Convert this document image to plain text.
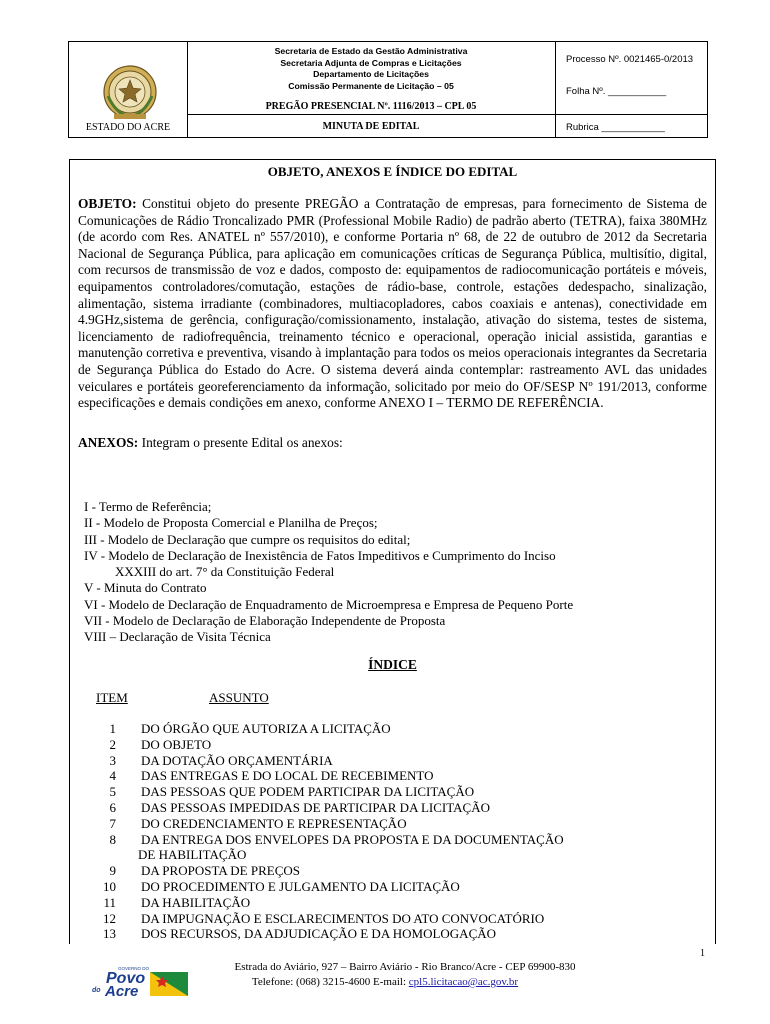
ESTADO DO ACRE
Secretaria de Estado da Gestão Administrativa
Secretaria Adjunta de Compras e Licitações
Departamento de Licitações
Comissão Permanente de Licitação – 05
PREGÃO PRESENCIAL Nº. 1116/2013 – CPL 05
MINUTA DE EDITAL
Processo Nº. 0021465-0/2013
Folha Nº. ___________
Rubrica ____________
OBJETO, ANEXOS E ÍNDICE DO EDITAL

OBJETO: Constitui objeto do presente PREGÃO a Contratação de empresas, para fornecimento de Sistema de Comunicações de Rádio Troncalizado PMR (Professional Mobile Radio) de padrão aberto (TETRA), faixa 380MHz (de acordo com Res. ANATEL nº 557/2010), e conforme Portaria nº 68, de 22 de outubro de 2012 da Secretaria Nacional de Segurança Pública, para aplicação em comunicações críticas de Segurança Pública, multisítio, digital, com recursos de transmissão de voz e dados, composto de: equipamentos de radiocomunicação portáteis e móveis, equipamentos controladores/comutação, estações de rádio-base, controle, estações dedespacho, sinalização, alimentação, sistema irradiante (combinadores, multiacopladores, cabos coaxiais e antenas), conectividade em 4.9GHz,sistema de gerência, configuração/comissionamento, instalação, ativação do sistema, testes de sistema, licenciamento de radiofrequência, treinamento técnico e operacional, operação inicial assistida, garantias e manutenção corretiva e preventiva, visando à implantação para todos os meios operacionais integrantes da Secretaria de Segurança Pública do Estado do Acre. O sistema deverá ainda contemplar: rastreamento AVL das unidades veiculares e portáteis georeferenciamento da informação, solicitado por meio do OF/SESP Nº 191/2013, conforme especificações e demais condições em anexo, conforme ANEXO I – TERMO DE REFERÊNCIA.

ANEXOS: Integram o presente Edital os anexos:

I - Termo de Referência;
II - Modelo de Proposta Comercial e Planilha de Preços;
III - Modelo de Declaração que cumpre os requisitos do edital;
IV - Modelo de Declaração de Inexistência de Fatos Impeditivos e Cumprimento do Inciso
XXXIII do art. 7° da Constituição Federal
V - Minuta do Contrato
VI - Modelo de Declaração de Enquadramento de Microempresa e Empresa de Pequeno Porte
VII - Modelo de Declaração de Elaboração Independente de Proposta
VIII – Declaração de Visita Técnica
ÍNDICE
ITEM	ASSUNTO
1 DO ÓRGÃO QUE AUTORIZA A LICITAÇÃO
2 DO OBJETO
3 DA DOTAÇÃO ORÇAMENTÁRIA
4 DAS ENTREGAS E DO LOCAL DE RECEBIMENTO
5 DAS PESSOAS QUE PODEM PARTICIPAR DA LICITAÇÃO
6 DAS PESSOAS IMPEDIDAS DE PARTICIPAR DA LICITAÇÃO
7 DO CREDENCIAMENTO E REPRESENTAÇÃO
8 DA ENTREGA DOS ENVELOPES DA PROPOSTA E DA DOCUMENTAÇÃO
DE HABILITAÇÃO
9 DA PROPOSTA DE PREÇOS
10 DO PROCEDIMENTO E JULGAMENTO DA LICITAÇÃO
11 DA HABILITAÇÃO
12 DA IMPUGNAÇÃO E ESCLARECIMENTOS DO ATO CONVOCATÓRIO
13 DOS RECURSOS, DA ADJUDICAÇÃO E DA HOMOLOGAÇÃO
1
GOVERNO DO
Povo
do Acre
Estrada do Aviário, 927 – Bairro Aviário - Rio Branco/Acre - CEP 69900-830
Telefone: (068) 3215-4600 E-mail: cpl5.licitacao@ac.gov.br
